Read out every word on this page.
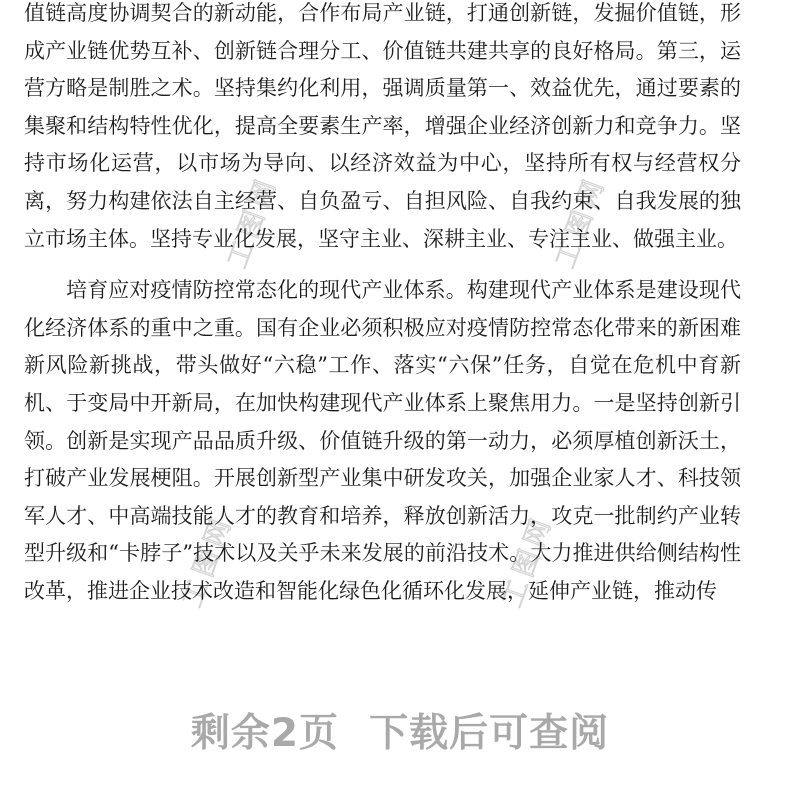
工图网	工图网
工图网	工图网

值链高度协调契合的新动能，合作布局产业链，打通创新链，发掘价值链，形成产业链优势互补、创新链合理分工、价值链共建共享的良好格局。第三，运营方略是制胜之术。坚持集约化利用，强调质量第一、效益优先，通过要素的集聚和结构特性优化，提高全要素生产率，增强企业经济创新力和竞争力。坚持市场化运营，以市场为导向、以经济效益为中心，坚持所有权与经营权分离，努力构建依法自主经营、自负盈亏、自担风险、自我约束、自我发展的独立市场主体。坚持专业化发展，坚守主业、深耕主业、专注主业、做强主业。

培育应对疫情防控常态化的现代产业体系。构建现代产业体系是建设现代化经济体系的重中之重。国有企业必须积极应对疫情防控常态化带来的新困难新风险新挑战，带头做好“六稳”工作、落实“六保”任务，自觉在危机中育新机、于变局中开新局，在加快构建现代产业体系上聚焦用力。一是坚持创新引领。创新是实现产品品质升级、价值链升级的第一动力，必须厚植创新沃土，打破产业发展梗阻。开展创新型产业集中研发攻关，加强企业家人才、科技领军人才、中高端技能人才的教育和培养，释放创新活力，攻克一批制约产业转型升级和“卡脖子”技术以及关乎未来发展的前沿技术。大力推进供给侧结构性改革，推进企业技术改造和智能化绿色化循环化发展，延伸产业链，推动传

剩余2页 下载后可查阅
